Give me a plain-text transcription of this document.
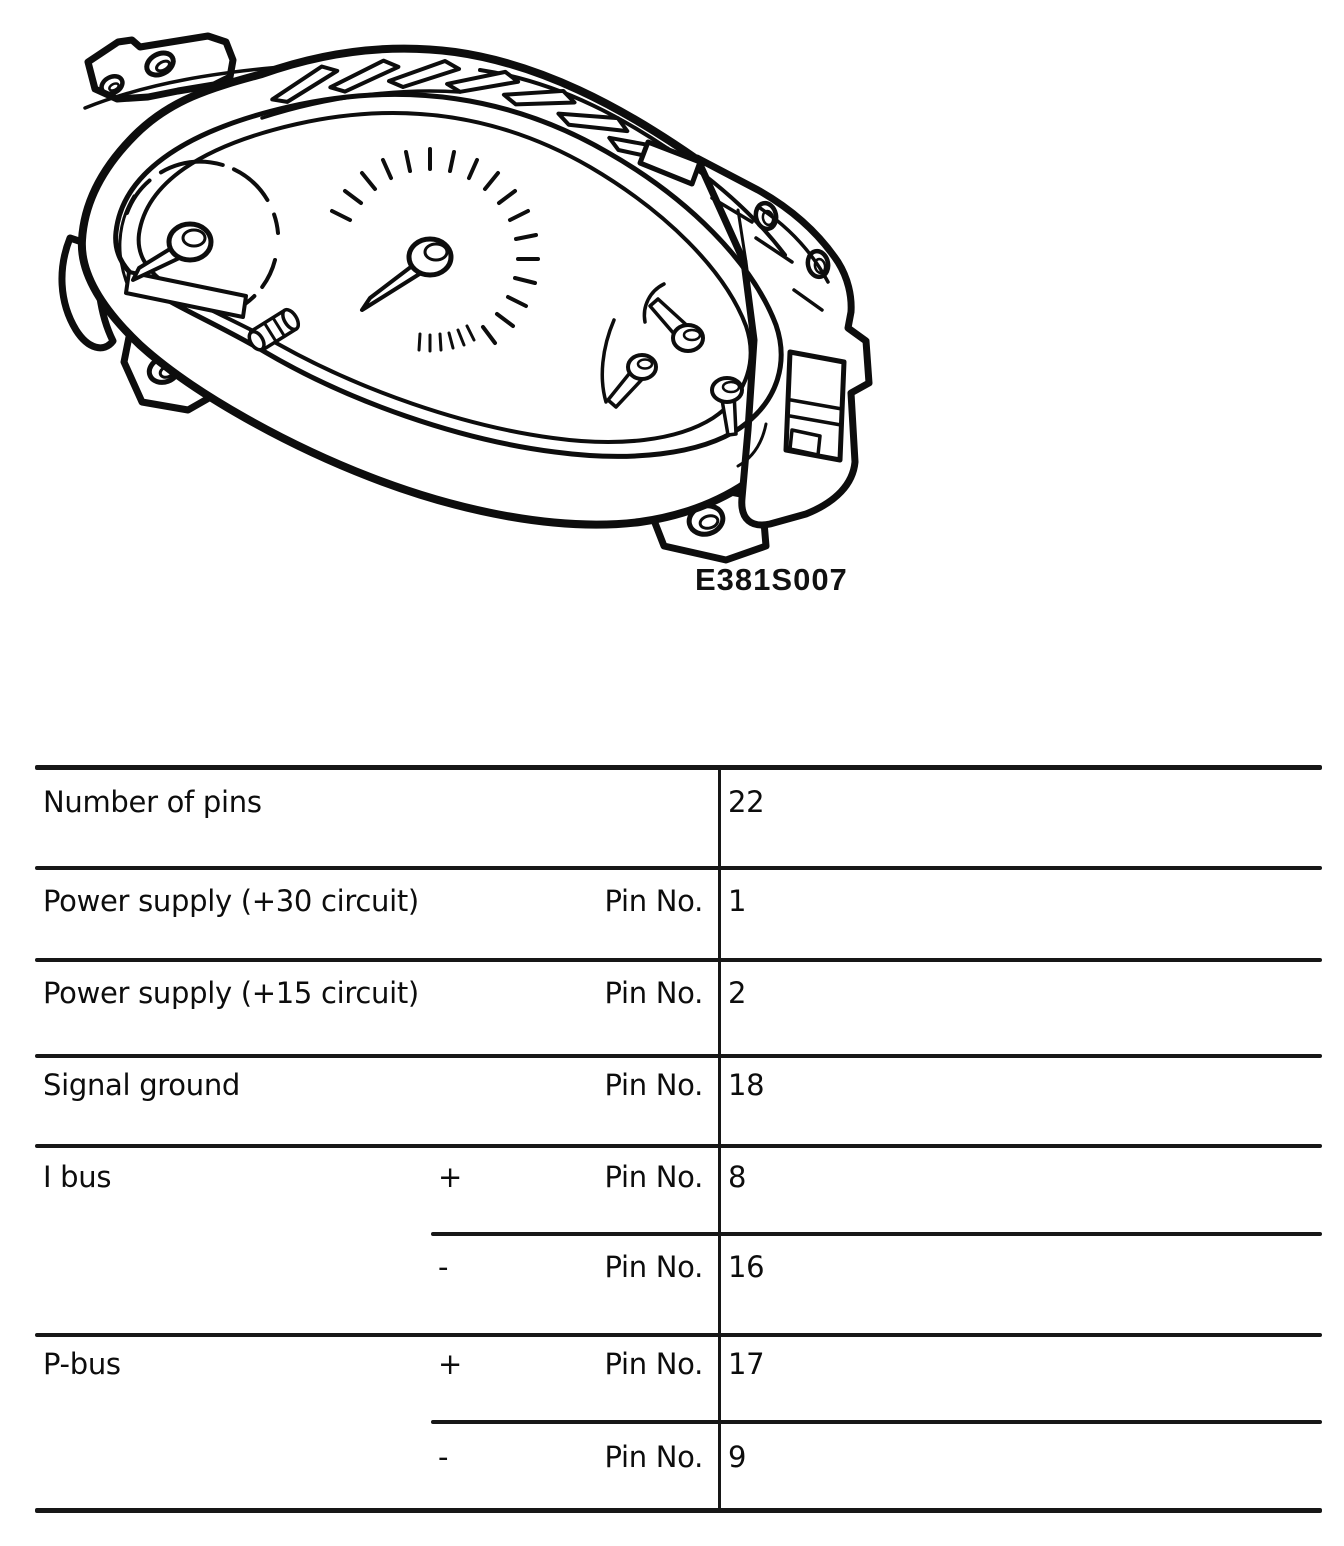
E381S007
Number of pins	22
Power supply (+30 circuit)	Pin No. 1
Power supply (+15 circuit)	Pin No. 2
Signal ground	Pin No. 18
I bus	+	Pin No. 8
-	Pin No. 16
P-bus	+	Pin No. 17
-	Pin No. 9
